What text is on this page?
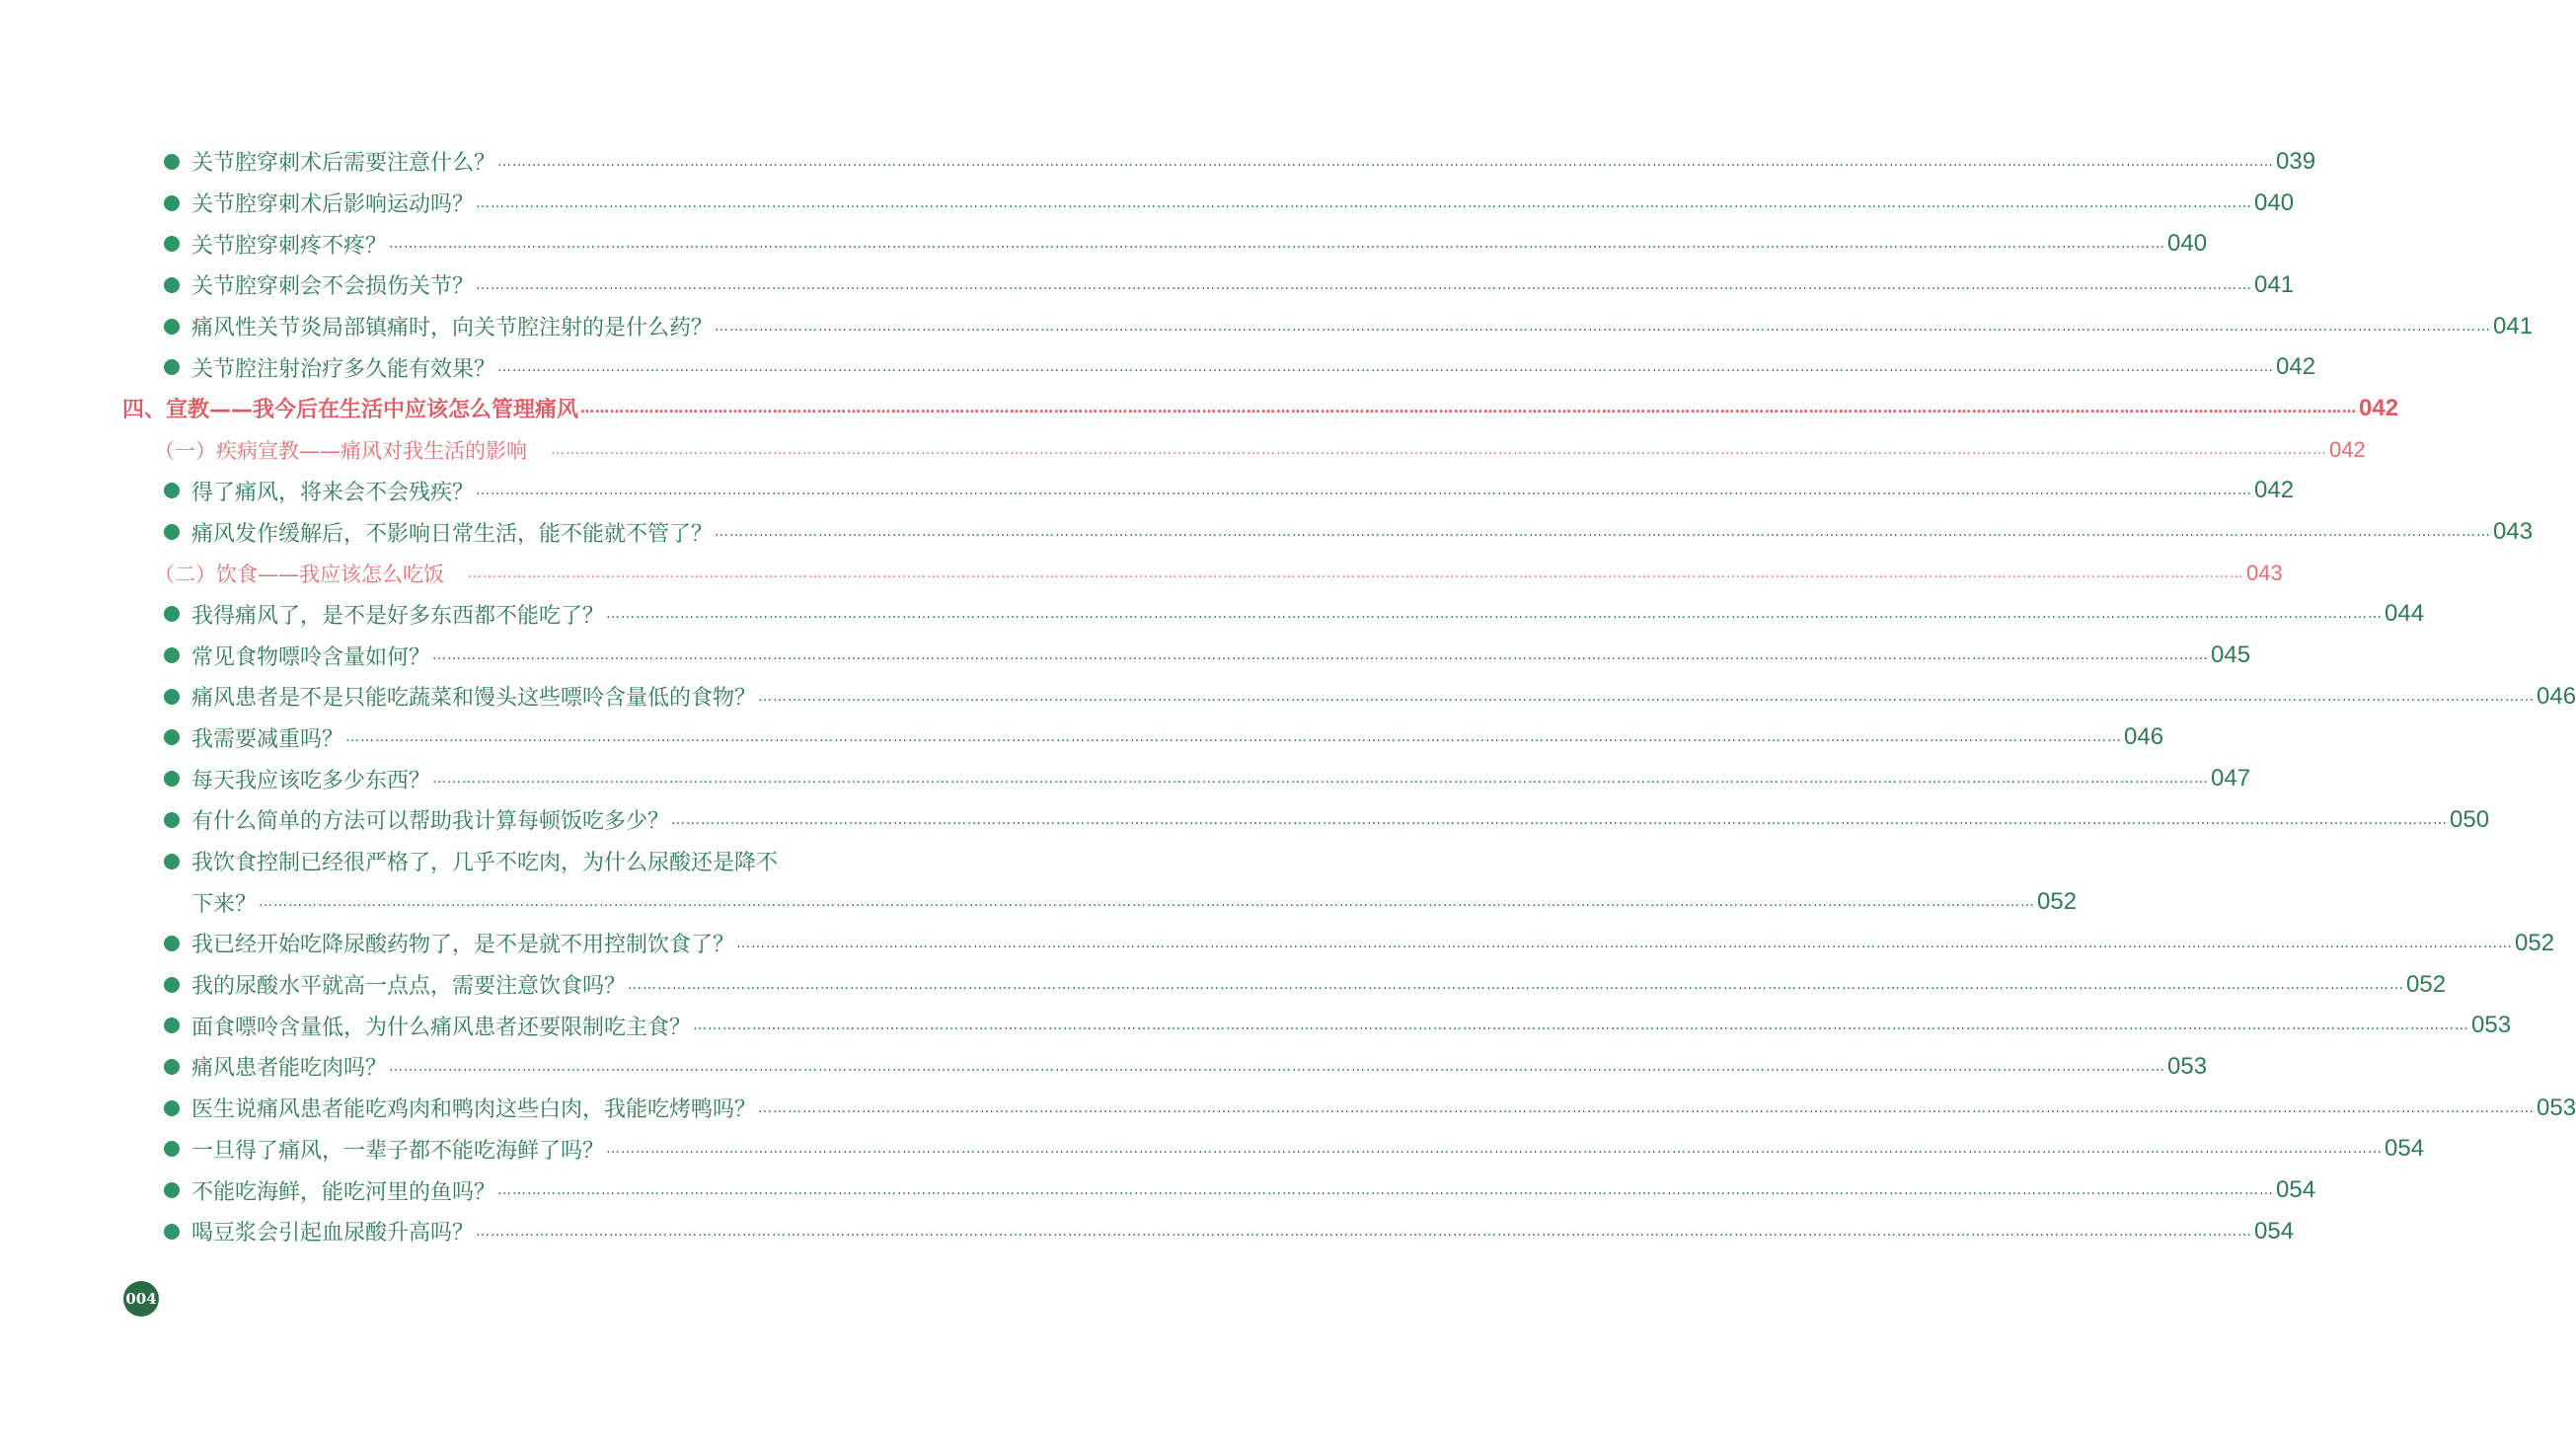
关节腔穿刺术后需要注意什么？ ……………………………………………………………………………………………………………………………………………………………………………………………………………………………………………………………………………………………………………………………… 039
关节腔穿刺术后影响运动吗？ ……………………………………………………………………………………………………………………………………………………………………………………………………………………………………………………………………………………………………………………………… 040
关节腔穿刺疼不疼？ ……………………………………………………………………………………………………………………………………………………………………………………………………………………………………………………………………………………………………………………………… 040
关节腔穿刺会不会损伤关节？ ……………………………………………………………………………………………………………………………………………………………………………………………………………………………………………………………………………………………………………………………… 041
痛风性关节炎局部镇痛时，向关节腔注射的是什么药？ ……………………………………………………………………………………………………………………………………………………………………………………………………………………………………………………………………………………………………………………………… 041
关节腔注射治疗多久能有效果？ ……………………………………………………………………………………………………………………………………………………………………………………………………………………………………………………………………………………………………………………………… 042
四、宣教——我今后在生活中应该怎么管理痛风 ……………………………………………………………………………………………………………………………………………………………………………………………………………………………………………………………………………………………………………………………… 042
（一）疾病宣教——痛风对我生活的影响 ……………………………………………………………………………………………………………………………………………………………………………………………………………………………………………………………………………………………………………………………… 042
得了痛风，将来会不会残疾？ ……………………………………………………………………………………………………………………………………………………………………………………………………………………………………………………………………………………………………………………………… 042
痛风发作缓解后，不影响日常生活，能不能就不管了？ ……………………………………………………………………………………………………………………………………………………………………………………………………………………………………………………………………………………………………………………………… 043
（二）饮食——我应该怎么吃饭 ……………………………………………………………………………………………………………………………………………………………………………………………………………………………………………………………………………………………………………………………… 043
我得痛风了，是不是好多东西都不能吃了？ ……………………………………………………………………………………………………………………………………………………………………………………………………………………………………………………………………………………………………………………………… 044
常见食物嘌呤含量如何？ ……………………………………………………………………………………………………………………………………………………………………………………………………………………………………………………………………………………………………………………………… 045
痛风患者是不是只能吃蔬菜和馒头这些嘌呤含量低的食物？ ……………………………………………………………………………………………………………………………………………………………………………………………………………………………………………………………………………………………………………………………… 046
我需要减重吗？ ……………………………………………………………………………………………………………………………………………………………………………………………………………………………………………………………………………………………………………………………… 046
每天我应该吃多少东西？ ……………………………………………………………………………………………………………………………………………………………………………………………………………………………………………………………………………………………………………………………… 047
有什么简单的方法可以帮助我计算每顿饭吃多少？ ……………………………………………………………………………………………………………………………………………………………………………………………………………………………………………………………………………………………………………………………… 050
我饮食控制已经很严格了，几乎不吃肉，为什么尿酸还是降不
下来？ ……………………………………………………………………………………………………………………………………………………………………………………………………………………………………………………………………………………………………………………………… 052
我已经开始吃降尿酸药物了，是不是就不用控制饮食了？ ……………………………………………………………………………………………………………………………………………………………………………………………………………………………………………………………………………………………………………………………… 052
我的尿酸水平就高一点点，需要注意饮食吗？ ……………………………………………………………………………………………………………………………………………………………………………………………………………………………………………………………………………………………………………………………… 052
面食嘌呤含量低，为什么痛风患者还要限制吃主食？ ……………………………………………………………………………………………………………………………………………………………………………………………………………………………………………………………………………………………………………………………… 053
痛风患者能吃肉吗？ ……………………………………………………………………………………………………………………………………………………………………………………………………………………………………………………………………………………………………………………………… 053
医生说痛风患者能吃鸡肉和鸭肉这些白肉，我能吃烤鸭吗？ ……………………………………………………………………………………………………………………………………………………………………………………………………………………………………………………………………………………………………………………………… 053
一旦得了痛风，一辈子都不能吃海鲜了吗？ ……………………………………………………………………………………………………………………………………………………………………………………………………………………………………………………………………………………………………………………………… 054
不能吃海鲜，能吃河里的鱼吗？ ……………………………………………………………………………………………………………………………………………………………………………………………………………………………………………………………………………………………………………………………… 054
喝豆浆会引起血尿酸升高吗？ ……………………………………………………………………………………………………………………………………………………………………………………………………………………………………………………………………………………………………………………………… 054
004
